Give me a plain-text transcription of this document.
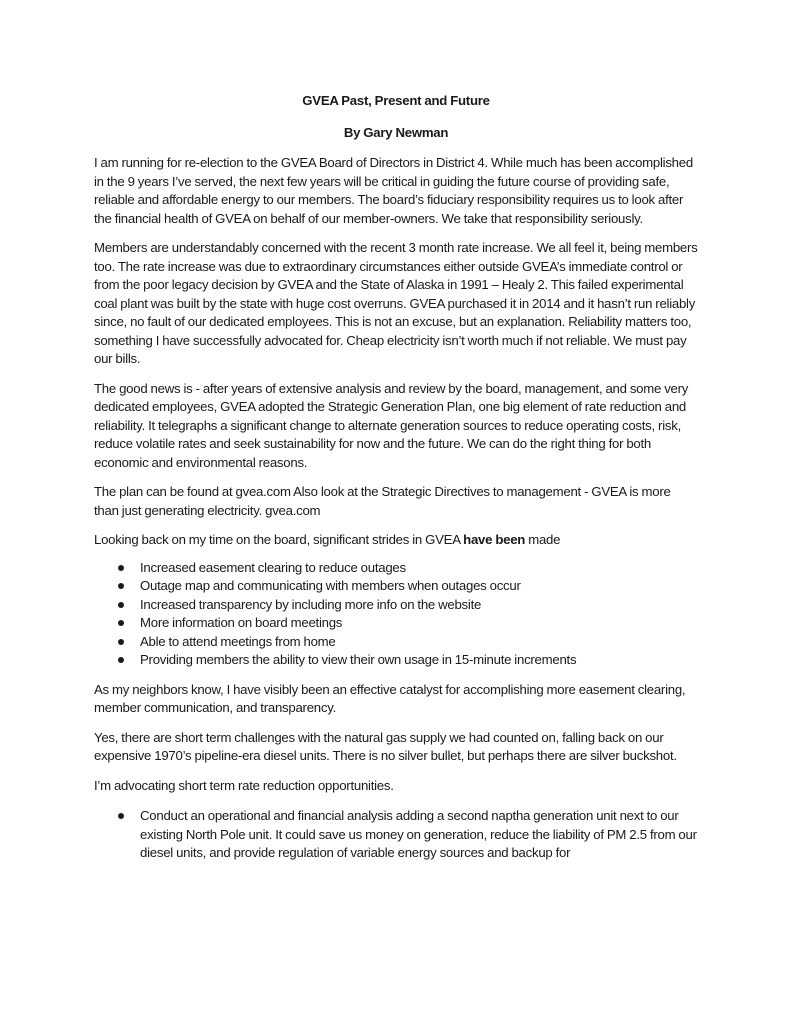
GVEA Past, Present and Future

By Gary Newman

I am running for re-election to the GVEA Board of Directors in District 4. While much has been accomplished in the 9 years I’ve served, the next few years will be critical in guiding the future course of providing safe, reliable and affordable energy to our members. The board’s fiduciary responsibility requires us to look after the financial health of GVEA on behalf of our member-owners. We take that responsibility seriously.

Members are understandably concerned with the recent 3 month rate increase. We all feel it, being members too. The rate increase was due to extraordinary circumstances either outside GVEA’s immediate control or from the poor legacy decision by GVEA and the State of Alaska in 1991 – Healy 2. This failed experimental coal plant was built by the state with huge cost overruns. GVEA purchased it in 2014 and it hasn’t run reliably since, no fault of our dedicated employees. This is not an excuse, but an explanation. Reliability matters too, something I have successfully advocated for. Cheap electricity isn’t worth much if not reliable. We must pay our bills.

The good news is - after years of extensive analysis and review by the board, management, and some very dedicated employees, GVEA adopted the Strategic Generation Plan, one big element of rate reduction and reliability. It telegraphs a significant change to alternate generation sources to reduce operating costs, risk, reduce volatile rates and seek sustainability for now and the future. We can do the right thing for both economic and environmental reasons.

The plan can be found at gvea.com Also look at the Strategic Directives to management - GVEA is more than just generating electricity. gvea.com

Looking back on my time on the board, significant strides in GVEA have been made

Increased easement clearing to reduce outages
Outage map and communicating with members when outages occur
Increased transparency by including more info on the website
More information on board meetings
Able to attend meetings from home
Providing members the ability to view their own usage in 15-minute increments

As my neighbors know, I have visibly been an effective catalyst for accomplishing more easement clearing, member communication, and transparency.

Yes, there are short term challenges with the natural gas supply we had counted on, falling back on our expensive 1970’s pipeline-era diesel units. There is no silver bullet, but perhaps there are silver buckshot.

I’m advocating short term rate reduction opportunities.

Conduct an operational and financial analysis adding a second naptha generation unit next to our existing North Pole unit. It could save us money on generation, reduce the liability of PM 2.5 from our diesel units, and provide regulation of variable energy sources and backup for
